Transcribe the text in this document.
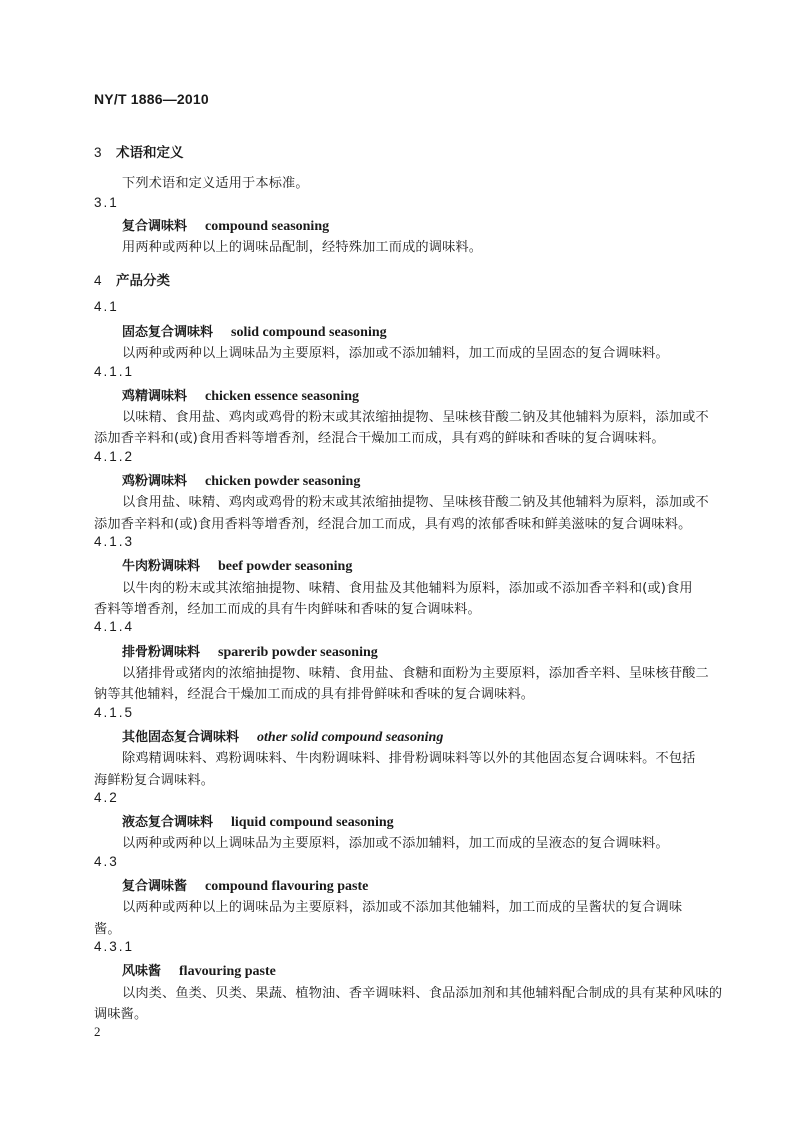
NY/T 1886—2010
3 术语和定义
下列术语和定义适用于本标准。
3.1
复合调味料 compound seasoning
用两种或两种以上的调味品配制，经特殊加工而成的调味料。
4 产品分类
4.1
固态复合调味料 solid compound seasoning
以两种或两种以上调味品为主要原料，添加或不添加辅料，加工而成的呈固态的复合调味料。
4.1.1
鸡精调味料 chicken essence seasoning
以味精、食用盐、鸡肉或鸡骨的粉末或其浓缩抽提物、呈味核苷酸二钠及其他辅料为原料，添加或不
添加香辛料和(或)食用香料等增香剂，经混合干燥加工而成，具有鸡的鲜味和香味的复合调味料。
4.1.2
鸡粉调味料 chicken powder seasoning
以食用盐、味精、鸡肉或鸡骨的粉末或其浓缩抽提物、呈味核苷酸二钠及其他辅料为原料，添加或不
添加香辛料和(或)食用香料等增香剂，经混合加工而成，具有鸡的浓郁香味和鲜美滋味的复合调味料。
4.1.3
牛肉粉调味料 beef powder seasoning
以牛肉的粉末或其浓缩抽提物、味精、食用盐及其他辅料为原料，添加或不添加香辛料和(或)食用
香料等增香剂，经加工而成的具有牛肉鲜味和香味的复合调味料。
4.1.4
排骨粉调味料 sparerib powder seasoning
以猪排骨或猪肉的浓缩抽提物、味精、食用盐、食糖和面粉为主要原料，添加香辛料、呈味核苷酸二
钠等其他辅料，经混合干燥加工而成的具有排骨鲜味和香味的复合调味料。
4.1.5
其他固态复合调味料 other solid compound seasoning
除鸡精调味料、鸡粉调味料、牛肉粉调味料、排骨粉调味料等以外的其他固态复合调味料。不包括
海鲜粉复合调味料。
4.2
液态复合调味料 liquid compound seasoning
以两种或两种以上调味品为主要原料，添加或不添加辅料，加工而成的呈液态的复合调味料。
4.3
复合调味酱 compound flavouring paste
以两种或两种以上的调味品为主要原料，添加或不添加其他辅料，加工而成的呈酱状的复合调味
酱。
4.3.1
风味酱 flavouring paste
以肉类、鱼类、贝类、果蔬、植物油、香辛调味料、食品添加剂和其他辅料配合制成的具有某种风味的
调味酱。
2
